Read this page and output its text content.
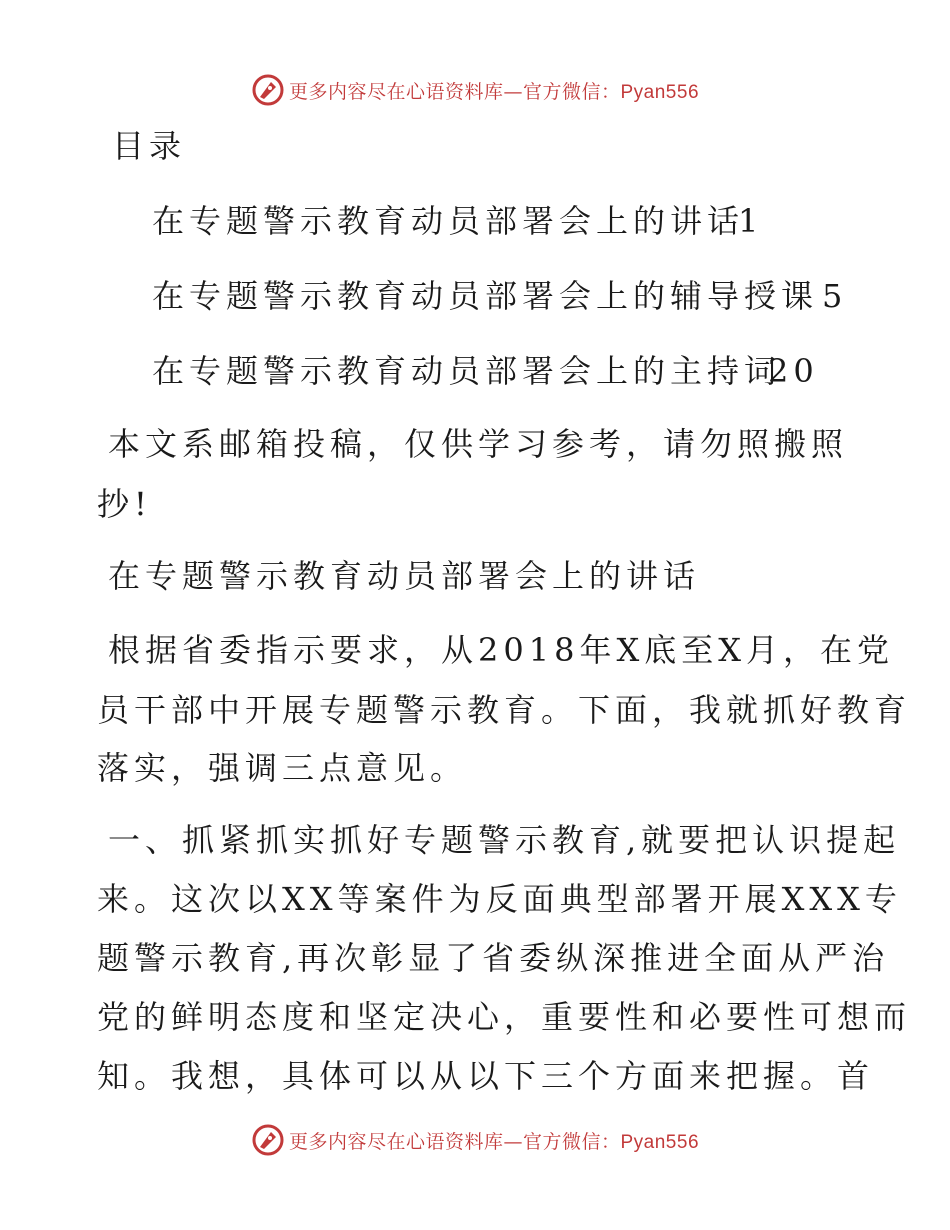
更多内容尽在心语资料库—官方微信：Pyan556
目录
在专题警示教育动员部署会上的讲话
1
在专题警示教育动员部署会上的辅导授课 5
在专题警示教育动员部署会上的主持词
20
本文系邮箱投稿，仅供学习参考，请勿照搬照
抄!
在专题警示教育动员部署会上的讲话
根据省委指示要求，从2018年X底至X月，在党
员干部中开展专题警示教育。下面，我就抓好教育
落实，强调三点意见。
一、抓紧抓实抓好专题警示教育,就要把认识提起
来。这次以XX等案件为反面典型部署开展XXX专
题警示教育,再次彰显了省委纵深推进全面从严治
党的鲜明态度和坚定决心，重要性和必要性可想而
知。我想，具体可以从以下三个方面来把握。首
更多内容尽在心语资料库—官方微信：Pyan556
